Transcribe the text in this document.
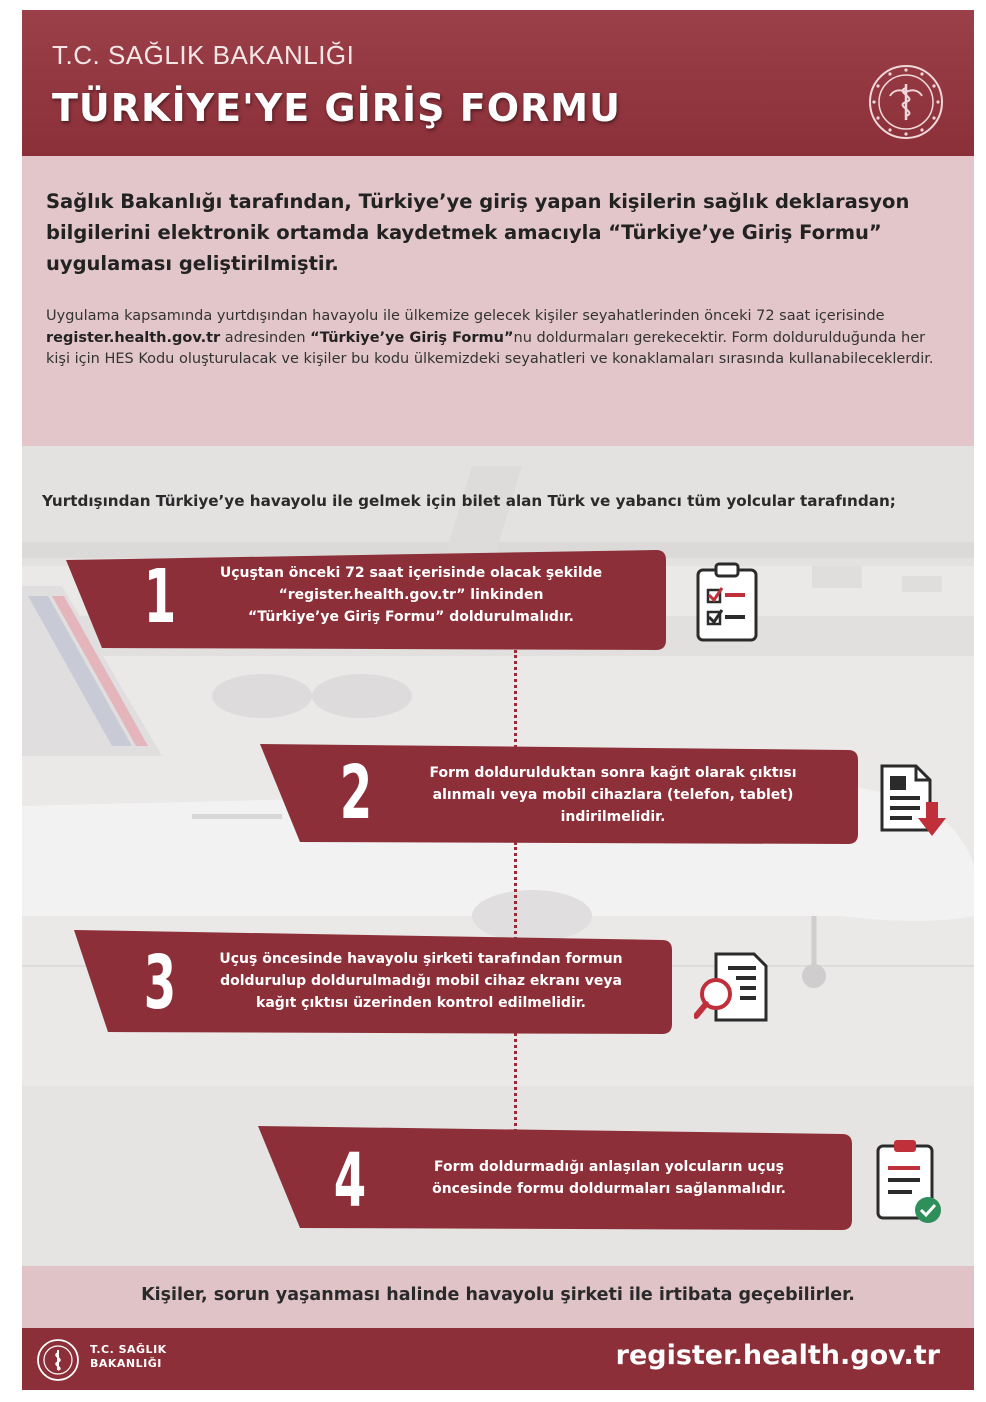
T.C. SAĞLIK BAKANLIĞI
TÜRKİYE'YE GİRİŞ FORMU
Sağlık Bakanlığı tarafından, Türkiye’ye giriş yapan kişilerin sağlık deklarasyon bilgilerini elektronik ortamda kaydetmek amacıyla “Türkiye’ye Giriş Formu” uygulaması geliştirilmiştir.
Uygulama kapsamında yurtdışından havayolu ile ülkemize gelecek kişiler seyahatlerinden önceki 72 saat içerisinde register.health.gov.tr adresinden “Türkiye’ye Giriş Formu”nu doldurmaları gerekecektir. Form doldurulduğunda her kişi için HES Kodu oluşturulacak ve kişiler bu kodu ülkemizdeki seyahatleri ve konaklamaları sırasında kullanabileceklerdir.
Yurtdışından Türkiye’ye havayolu ile gelmek için bilet alan Türk ve yabancı tüm yolcular tarafından;
1	Uçuştan önceki 72 saat içerisinde olacak şekilde
“register.health.gov.tr” linkinden
“Türkiye’ye Giriş Formu” doldurulmalıdır.
2	Form doldurulduktan sonra kağıt olarak çıktısı
alınmalı veya mobil cihazlara (telefon, tablet)
indirilmelidir.
3	Uçuş öncesinde havayolu şirketi tarafından formun
doldurulup doldurulmadığı mobil cihaz ekranı veya
kağıt çıktısı üzerinden kontrol edilmelidir.
4	Form doldurmadığı anlaşılan yolcuların uçuş
öncesinde formu doldurmaları sağlanmalıdır.
Kişiler, sorun yaşanması halinde havayolu şirketi ile irtibata geçebilirler.
T.C. SAĞLIK
BAKANLIĞI	register.health.gov.tr
